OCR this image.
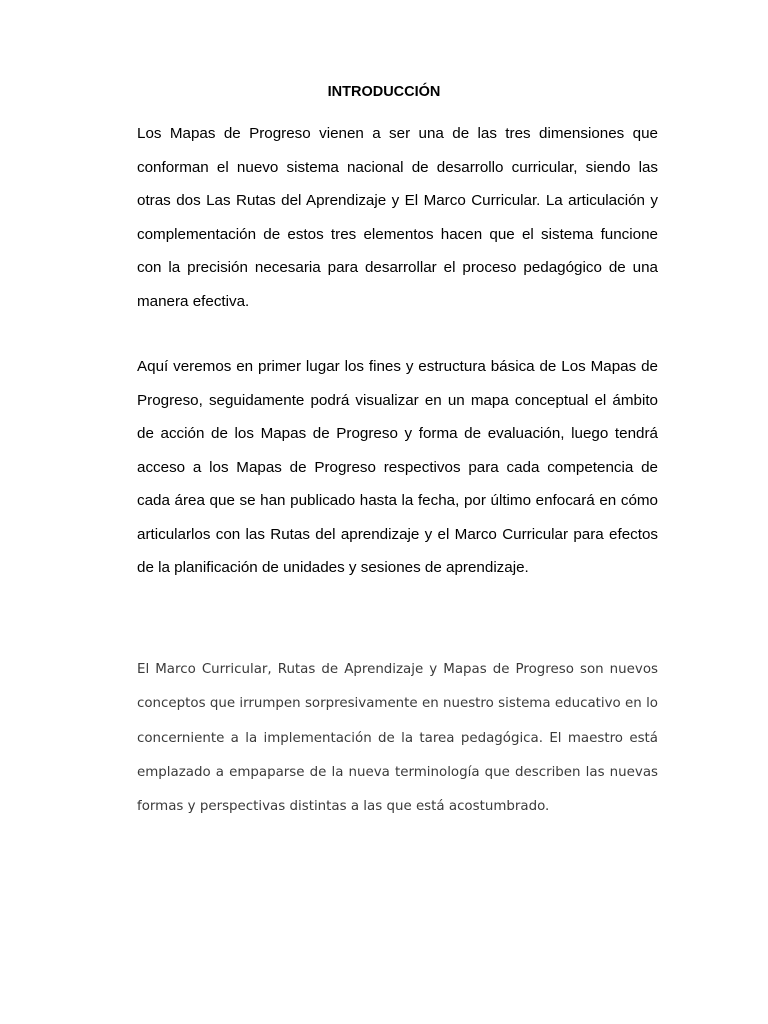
INTRODUCCIÓN

Los Mapas de Progreso vienen a ser una de las tres dimensiones que conforman el nuevo sistema nacional de desarrollo curricular, siendo las otras dos Las Rutas del Aprendizaje y El Marco Curricular. La articulación y complementación de estos tres elementos hacen que el sistema funcione con la precisión necesaria para desarrollar el proceso pedagógico de una manera efectiva.

Aquí veremos en primer lugar los fines y estructura básica de Los Mapas de Progreso, seguidamente podrá visualizar en un mapa conceptual el ámbito de acción de los Mapas de Progreso y forma de evaluación, luego tendrá acceso a los Mapas de Progreso respectivos para cada competencia de cada área que se han publicado hasta la fecha, por último enfocará en cómo articularlos con las Rutas del aprendizaje y el Marco Curricular para efectos de la planificación de unidades y sesiones de aprendizaje.

El Marco Curricular, Rutas de Aprendizaje y Mapas de Progreso son nuevos conceptos que irrumpen sorpresivamente en nuestro sistema educativo en lo concerniente a la implementación de la tarea pedagógica. El maestro está emplazado a empaparse de la nueva terminología que describen las nuevas formas y perspectivas distintas a las que está acostumbrado.
